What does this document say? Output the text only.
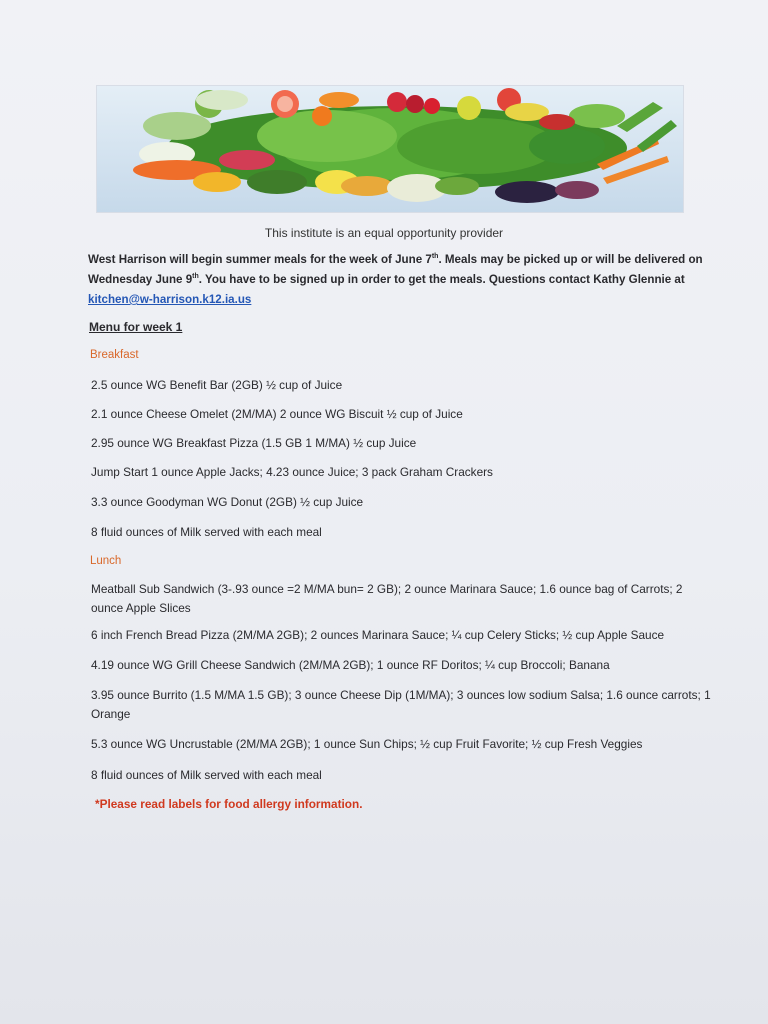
This institute is an equal opportunity provider
West Harrison will begin summer meals for the week of June 7th. Meals may be picked up or will be delivered on Wednesday June 9th. You have to be signed up in order to get the meals. Questions contact Kathy Glennie at kitchen@w-harrison.k12.ia.us
Menu for week 1
Breakfast
2.5 ounce WG Benefit Bar (2GB) ½ cup of Juice
2.1 ounce Cheese Omelet (2M/MA) 2 ounce WG Biscuit ½ cup of Juice
2.95 ounce WG Breakfast Pizza (1.5 GB 1 M/MA) ½ cup Juice
Jump Start 1 ounce Apple Jacks; 4.23 ounce Juice; 3 pack Graham Crackers
3.3 ounce Goodyman WG Donut (2GB) ½ cup Juice
8 fluid ounces of Milk served with each meal
Lunch
Meatball Sub Sandwich (3-.93 ounce =2 M/MA bun= 2 GB); 2 ounce Marinara Sauce; 1.6 ounce bag of Carrots; 2 ounce Apple Slices
6 inch French Bread Pizza (2M/MA 2GB); 2 ounces Marinara Sauce; ¼ cup Celery Sticks; ½ cup Apple Sauce
4.19 ounce WG Grill Cheese Sandwich (2M/MA 2GB); 1 ounce RF Doritos; ¼ cup Broccoli; Banana
3.95 ounce Burrito (1.5 M/MA 1.5 GB); 3 ounce Cheese Dip (1M/MA); 3 ounces low sodium Salsa; 1.6 ounce carrots; 1 Orange
5.3 ounce WG Uncrustable (2M/MA 2GB); 1 ounce Sun Chips; ½ cup Fruit Favorite; ½ cup Fresh Veggies
8 fluid ounces of Milk served with each meal
*Please read labels for food allergy information.
